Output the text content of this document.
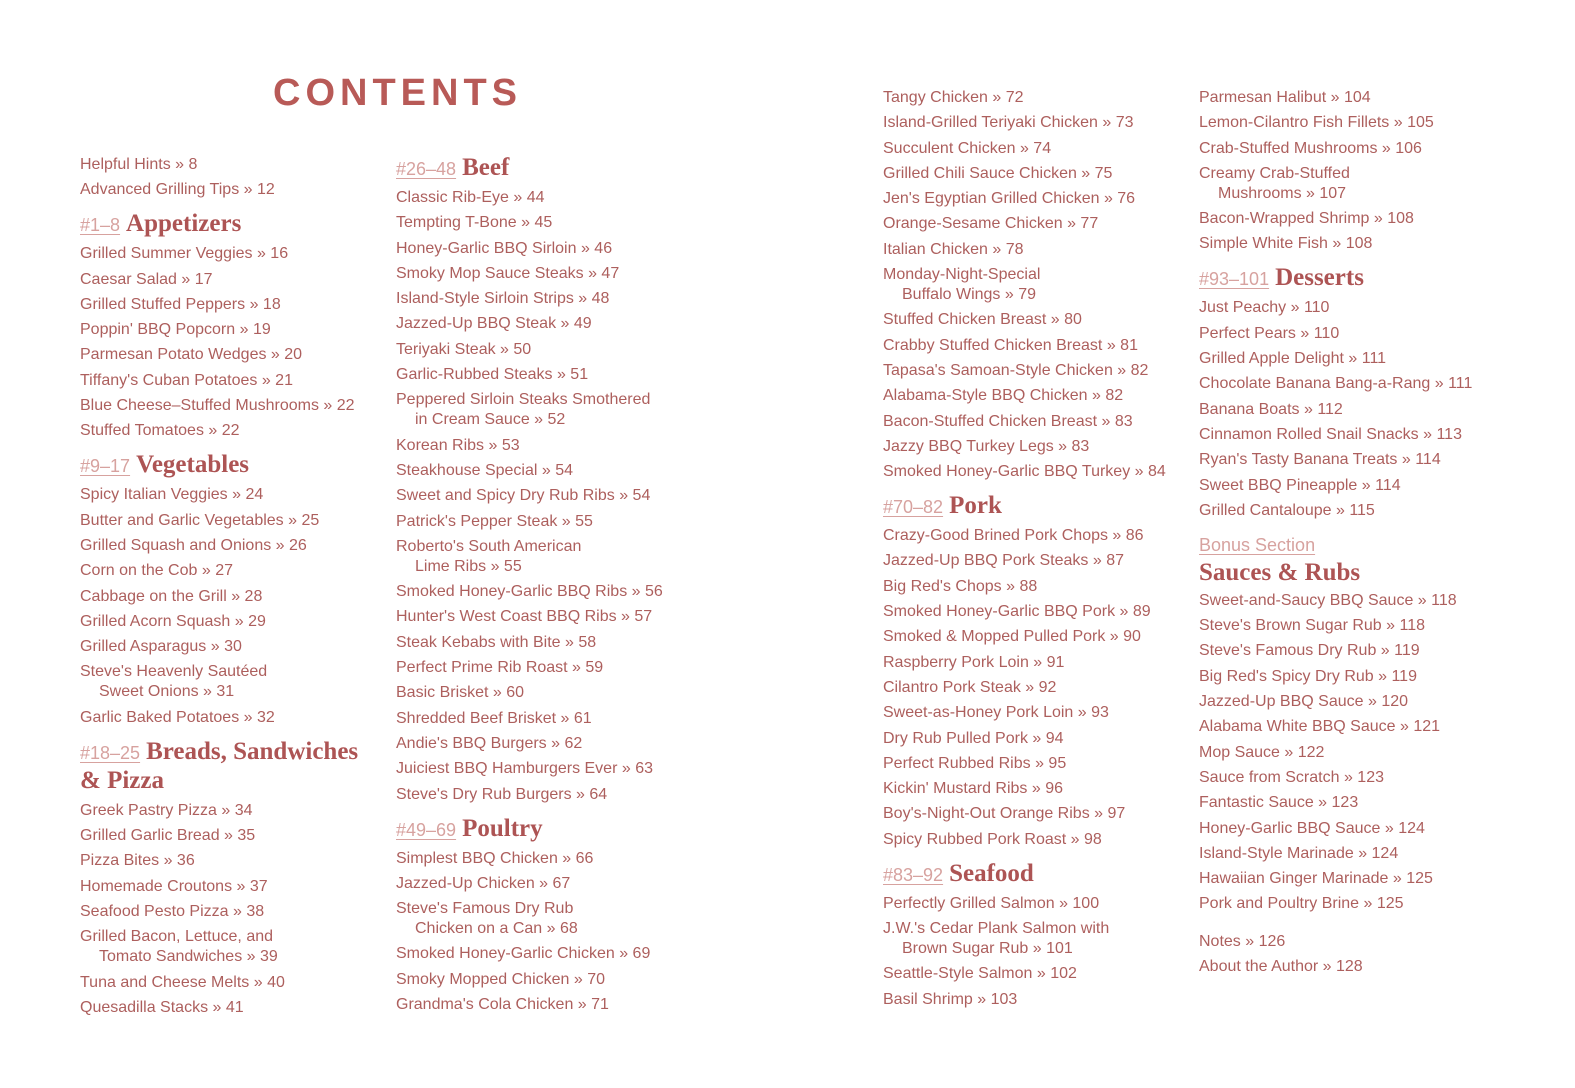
CONTENTS
Helpful Hints » 8
Advanced Grilling Tips » 12
#1–8 Appetizers
Grilled Summer Veggies » 16
Caesar Salad » 17
Grilled Stuffed Peppers » 18
Poppin' BBQ Popcorn » 19
Parmesan Potato Wedges » 20
Tiffany's Cuban Potatoes » 21
Blue Cheese–Stuffed Mushrooms » 22
Stuffed Tomatoes » 22
#9–17 Vegetables
Spicy Italian Veggies » 24
Butter and Garlic Vegetables » 25
Grilled Squash and Onions » 26
Corn on the Cob » 27
Cabbage on the Grill » 28
Grilled Acorn Squash » 29
Grilled Asparagus » 30
Steve's Heavenly Sautéed
Sweet Onions » 31
Garlic Baked Potatoes » 32
#18–25 Breads, Sandwiches
& Pizza
Greek Pastry Pizza » 34
Grilled Garlic Bread » 35
Pizza Bites » 36
Homemade Croutons » 37
Seafood Pesto Pizza » 38
Grilled Bacon, Lettuce, and
Tomato Sandwiches » 39
Tuna and Cheese Melts » 40
Quesadilla Stacks » 41
#26–48 Beef
Classic Rib-Eye » 44
Tempting T-Bone » 45
Honey-Garlic BBQ Sirloin » 46
Smoky Mop Sauce Steaks » 47
Island-Style Sirloin Strips » 48
Jazzed-Up BBQ Steak » 49
Teriyaki Steak » 50
Garlic-Rubbed Steaks » 51
Peppered Sirloin Steaks Smothered
in Cream Sauce » 52
Korean Ribs » 53
Steakhouse Special » 54
Sweet and Spicy Dry Rub Ribs » 54
Patrick's Pepper Steak » 55
Roberto's South American
Lime Ribs » 55
Smoked Honey-Garlic BBQ Ribs » 56
Hunter's West Coast BBQ Ribs » 57
Steak Kebabs with Bite » 58
Perfect Prime Rib Roast » 59
Basic Brisket » 60
Shredded Beef Brisket » 61
Andie's BBQ Burgers » 62
Juiciest BBQ Hamburgers Ever » 63
Steve's Dry Rub Burgers » 64
#49–69 Poultry
Simplest BBQ Chicken » 66
Jazzed-Up Chicken » 67
Steve's Famous Dry Rub
Chicken on a Can » 68
Smoked Honey-Garlic Chicken » 69
Smoky Mopped Chicken » 70
Grandma's Cola Chicken » 71
Tangy Chicken » 72
Island-Grilled Teriyaki Chicken » 73
Succulent Chicken » 74
Grilled Chili Sauce Chicken » 75
Jen's Egyptian Grilled Chicken » 76
Orange-Sesame Chicken » 77
Italian Chicken » 78
Monday-Night-Special
Buffalo Wings » 79
Stuffed Chicken Breast » 80
Crabby Stuffed Chicken Breast » 81
Tapasa's Samoan-Style Chicken » 82
Alabama-Style BBQ Chicken » 82
Bacon-Stuffed Chicken Breast » 83
Jazzy BBQ Turkey Legs » 83
Smoked Honey-Garlic BBQ Turkey » 84
#70–82 Pork
Crazy-Good Brined Pork Chops » 86
Jazzed-Up BBQ Pork Steaks » 87
Big Red's Chops » 88
Smoked Honey-Garlic BBQ Pork » 89
Smoked & Mopped Pulled Pork » 90
Raspberry Pork Loin » 91
Cilantro Pork Steak » 92
Sweet-as-Honey Pork Loin » 93
Dry Rub Pulled Pork » 94
Perfect Rubbed Ribs » 95
Kickin' Mustard Ribs » 96
Boy's-Night-Out Orange Ribs » 97
Spicy Rubbed Pork Roast » 98
#83–92 Seafood
Perfectly Grilled Salmon » 100
J.W.'s Cedar Plank Salmon with
Brown Sugar Rub » 101
Seattle-Style Salmon » 102
Basil Shrimp » 103
Parmesan Halibut » 104
Lemon-Cilantro Fish Fillets » 105
Crab-Stuffed Mushrooms » 106
Creamy Crab-Stuffed
Mushrooms » 107
Bacon-Wrapped Shrimp » 108
Simple White Fish » 108
#93–101 Desserts
Just Peachy » 110
Perfect Pears » 110
Grilled Apple Delight » 111
Chocolate Banana Bang-a-Rang » 111
Banana Boats » 112
Cinnamon Rolled Snail Snacks » 113
Ryan's Tasty Banana Treats » 114
Sweet BBQ Pineapple » 114
Grilled Cantaloupe » 115
Bonus Section
Sauces & Rubs
Sweet-and-Saucy BBQ Sauce » 118
Steve's Brown Sugar Rub » 118
Steve's Famous Dry Rub » 119
Big Red's Spicy Dry Rub » 119
Jazzed-Up BBQ Sauce » 120
Alabama White BBQ Sauce » 121
Mop Sauce » 122
Sauce from Scratch » 123
Fantastic Sauce » 123
Honey-Garlic BBQ Sauce » 124
Island-Style Marinade » 124
Hawaiian Ginger Marinade » 125
Pork and Poultry Brine » 125
Notes » 126
About the Author » 128
